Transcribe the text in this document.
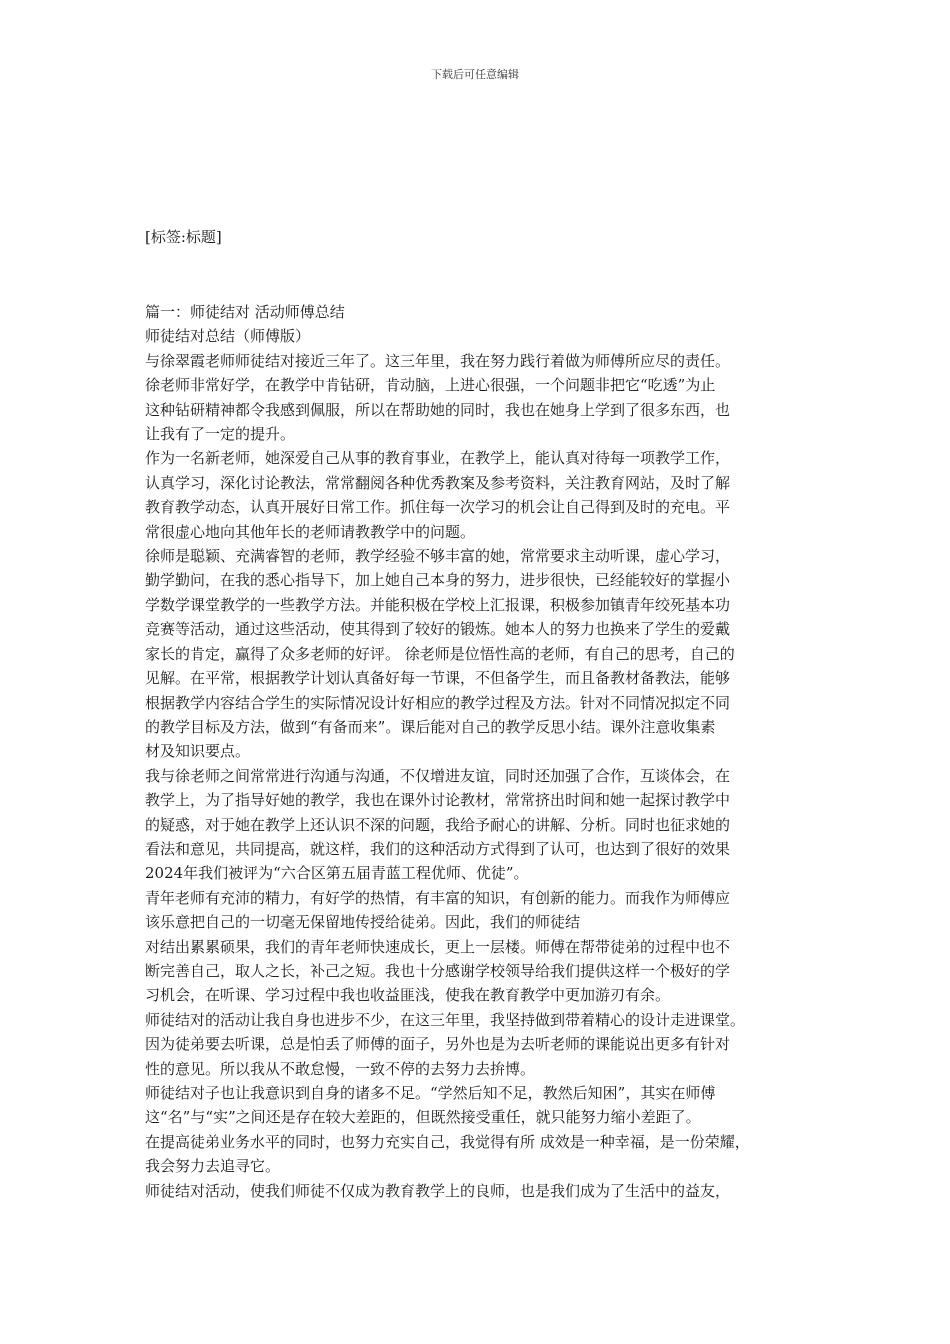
下载后可任意编辑
[标签:标题]
篇一：师徒结对 活动师傅总结
师徒结对总结（师傅版）
与徐翠霞老师师徒结对接近三年了。这三年里，我在努力践行着做为师傅所应尽的责任。
徐老师非常好学，在教学中肯钻研，肯动脑，上进心很强，一个问题非把它“吃透”为止
这种钻研精神都令我感到佩服，所以在帮助她的同时，我也在她身上学到了很多东西，也
让我有了一定的提升。
作为一名新老师，她深爱自己从事的教育事业，在教学上，能认真对待每一项教学工作，
认真学习，深化讨论教法，常常翻阅各种优秀教案及参考资料，关注教育网站，及时了解
教育教学动态，认真开展好日常工作。抓住每一次学习的机会让自己得到及时的充电。平
常很虚心地向其他年长的老师请教教学中的问题。
徐师是聪颖、充满睿智的老师，教学经验不够丰富的她，常常要求主动听课，虚心学习，
勤学勤问，在我的悉心指导下，加上她自己本身的努力，进步很快，已经能较好的掌握小
学数学课堂教学的一些教学方法。并能积极在学校上汇报课，积极参加镇青年绞死基本功
竞赛等活动，通过这些活动，使其得到了较好的锻炼。她本人的努力也换来了学生的爱戴
家长的肯定，赢得了众多老师的好评。 徐老师是位悟性高的老师，有自己的思考，自己的
见解。在平常，根据教学计划认真备好每一节课，不但备学生，而且备教材备教法，能够
根据教学内容结合学生的实际情况设计好相应的教学过程及方法。针对不同情况拟定不同
的教学目标及方法，做到“有备而来”。课后能对自己的教学反思小结。课外注意收集素
材及知识要点。
我与徐老师之间常常进行沟通与沟通，不仅增进友谊，同时还加强了合作，互谈体会，在
教学上，为了指导好她的教学，我也在课外讨论教材，常常挤出时间和她一起探讨教学中
的疑惑，对于她在教学上还认识不深的问题，我给予耐心的讲解、分析。同时也征求她的
看法和意见，共同提高，就这样，我们的这种活动方式得到了认可，也达到了很好的效果
2024年我们被评为“六合区第五届青蓝工程优师、优徒”。
青年老师有充沛的精力，有好学的热情，有丰富的知识，有创新的能力。而我作为师傅应
该乐意把自己的一切毫无保留地传授给徒弟。因此，我们的师徒结
对结出累累硕果，我们的青年老师快速成长，更上一层楼。师傅在帮带徒弟的过程中也不
断完善自己，取人之长，补己之短。我也十分感谢学校领导给我们提供这样一个极好的学
习机会，在听课、学习过程中我也收益匪浅，使我在教育教学中更加游刃有余。
师徒结对的活动让我自身也进步不少，在这三年里，我坚持做到带着精心的设计走进课堂。
因为徒弟要去听课，总是怕丢了师傅的面子，另外也是为去听老师的课能说出更多有针对
性的意见。所以我从不敢怠慢，一致不停的去努力去拚博。
师徒结对子也让我意识到自身的诸多不足。“学然后知不足，教然后知困”，其实在师傅
这“名”与“实”之间还是存在较大差距的，但既然接受重任，就只能努力缩小差距了。
在提高徒弟业务水平的同时，也努力充实自己，我觉得有所 成效是一种幸福，是一份荣耀，
我会努力去追寻它。
师徒结对活动，使我们师徒不仅成为教育教学上的良师，也是我们成为了生活中的益友，
